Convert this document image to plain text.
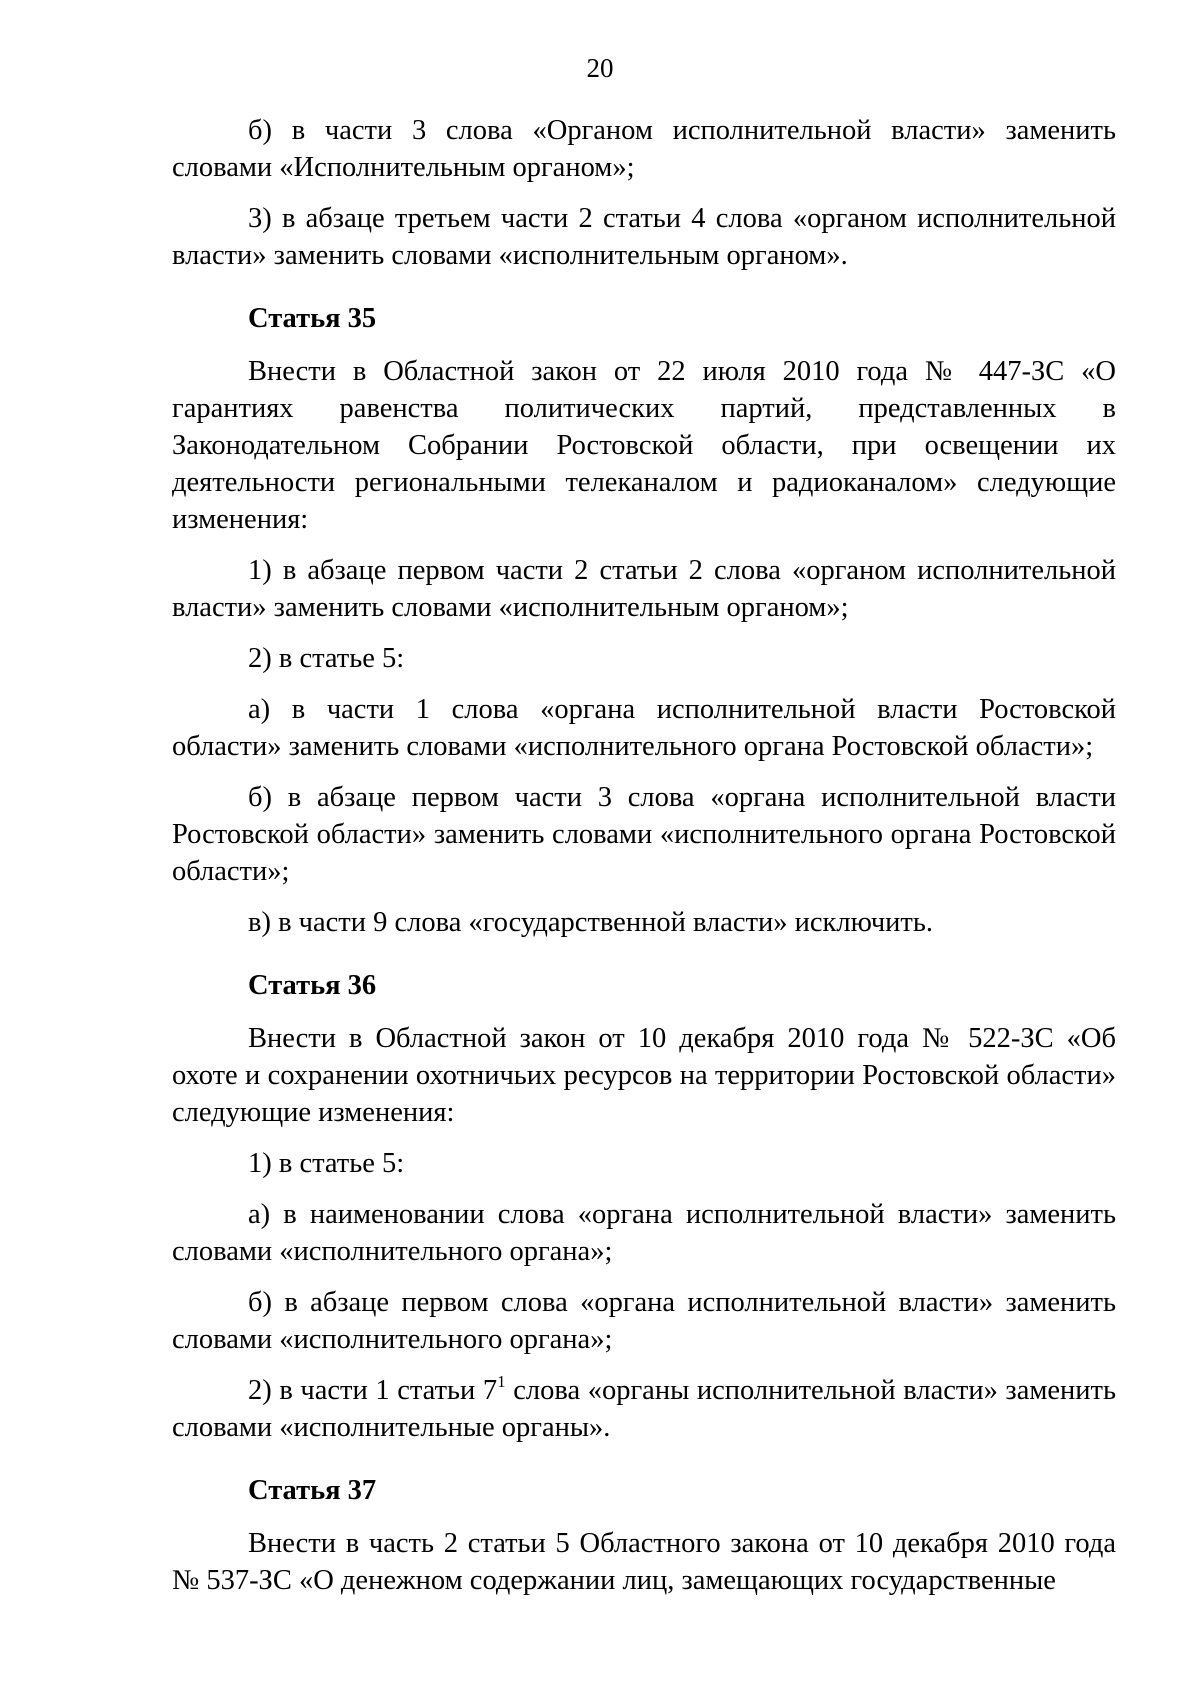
20

б) в части 3 слова «Органом исполнительной власти» заменить словами «Исполнительным органом»;

3) в абзаце третьем части 2 статьи 4 слова «органом исполнительной власти» заменить словами «исполнительным органом».

Статья 35

Внести в Областной закон от 22 июля 2010 года № 447-ЗС «О гарантиях равенства политических партий, представленных в Законодательном Собрании Ростовской области, при освещении их деятельности региональными телеканалом и радиоканалом» следующие изменения:

1) в абзаце первом части 2 статьи 2 слова «органом исполнительной власти» заменить словами «исполнительным органом»;

2) в статье 5:

а) в части 1 слова «органа исполнительной власти Ростовской области» заменить словами «исполнительного органа Ростовской области»;

б) в абзаце первом части 3 слова «органа исполнительной власти Ростовской области» заменить словами «исполнительного органа Ростовской области»;

в) в части 9 слова «государственной власти» исключить.

Статья 36

Внести в Областной закон от 10 декабря 2010 года № 522-ЗС «Об охоте и сохранении охотничьих ресурсов на территории Ростовской области» следующие изменения:

1) в статье 5:

а) в наименовании слова «органа исполнительной власти» заменить словами «исполнительного органа»;

б) в абзаце первом слова «органа исполнительной власти» заменить словами «исполнительного органа»;

2) в части 1 статьи $7^1$ слова «органы исполнительной власти» заменить словами «исполнительные органы».

Статья 37

Внести в часть 2 статьи 5 Областного закона от 10 декабря 2010 года № 537-ЗС «О денежном содержании лиц, замещающих государственные
